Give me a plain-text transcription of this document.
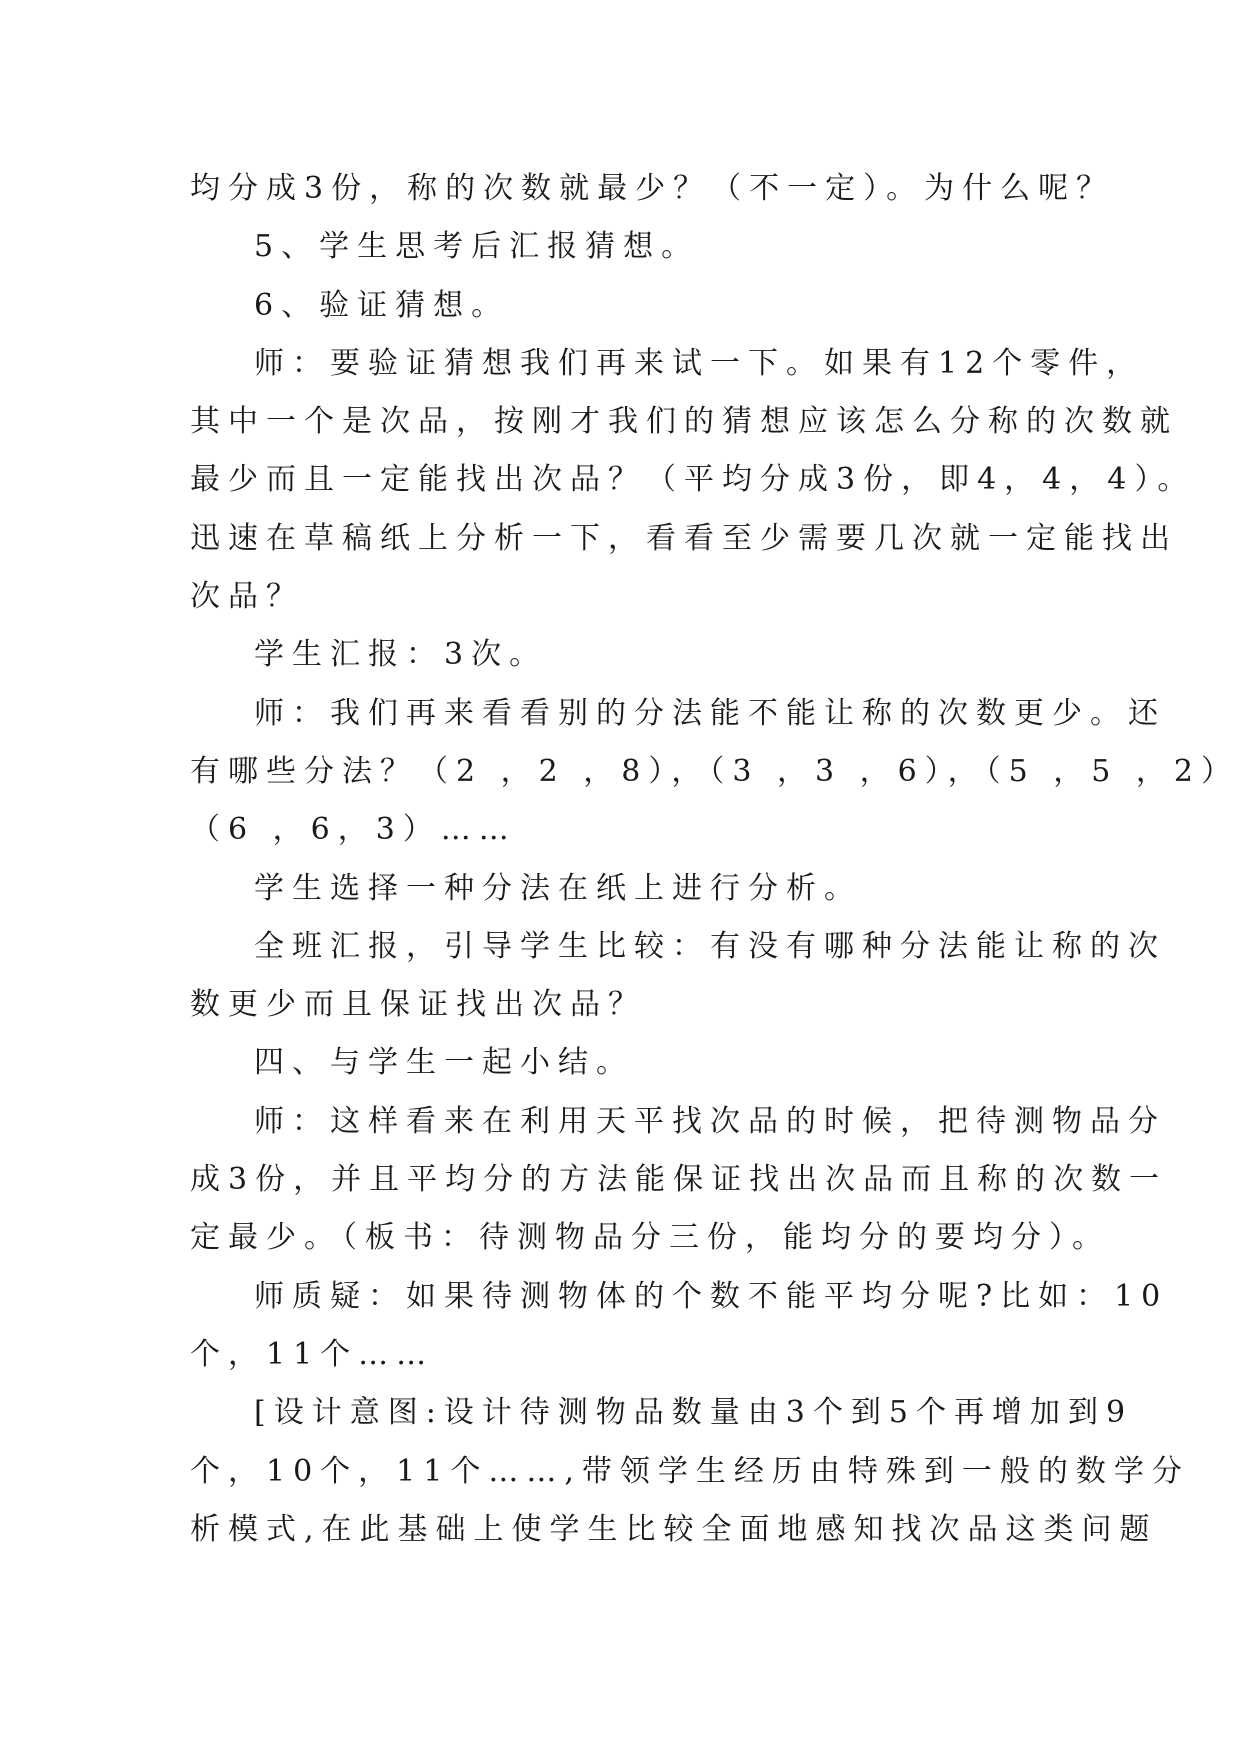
均分成3份，称的次数就最少？（不一定）。为什么呢？
5、学生思考后汇报猜想。
6、验证猜想。
师：要验证猜想我们再来试一下。如果有12个零件，
其中一个是次品，按刚才我们的猜想应该怎么分称的次数就
最少而且一定能找出次品？（平均分成3份，即4，4，4）。
迅速在草稿纸上分析一下，看看至少需要几次就一定能找出
次品？
学生汇报：3次。
师：我们再来看看别的分法能不能让称的次数更少。还
有哪些分法？（2 ，2 ，8），（3 ，3 ，6），（5 ，5 ，2）
（6 ，6，3）……
学生选择一种分法在纸上进行分析。
全班汇报，引导学生比较：有没有哪种分法能让称的次
数更少而且保证找出次品？
四、与学生一起小结。
师：这样看来在利用天平找次品的时候，把待测物品分
成3份，并且平均分的方法能保证找出次品而且称的次数一
定最少。（板书：待测物品分三份，能均分的要均分）。
师质疑：如果待测物体的个数不能平均分呢?比如：10
个，11个……
[设计意图:设计待测物品数量由3个到5个再增加到9
个，10个，11个……,带领学生经历由特殊到一般的数学分
析模式,在此基础上使学生比较全面地感知找次品这类问题
